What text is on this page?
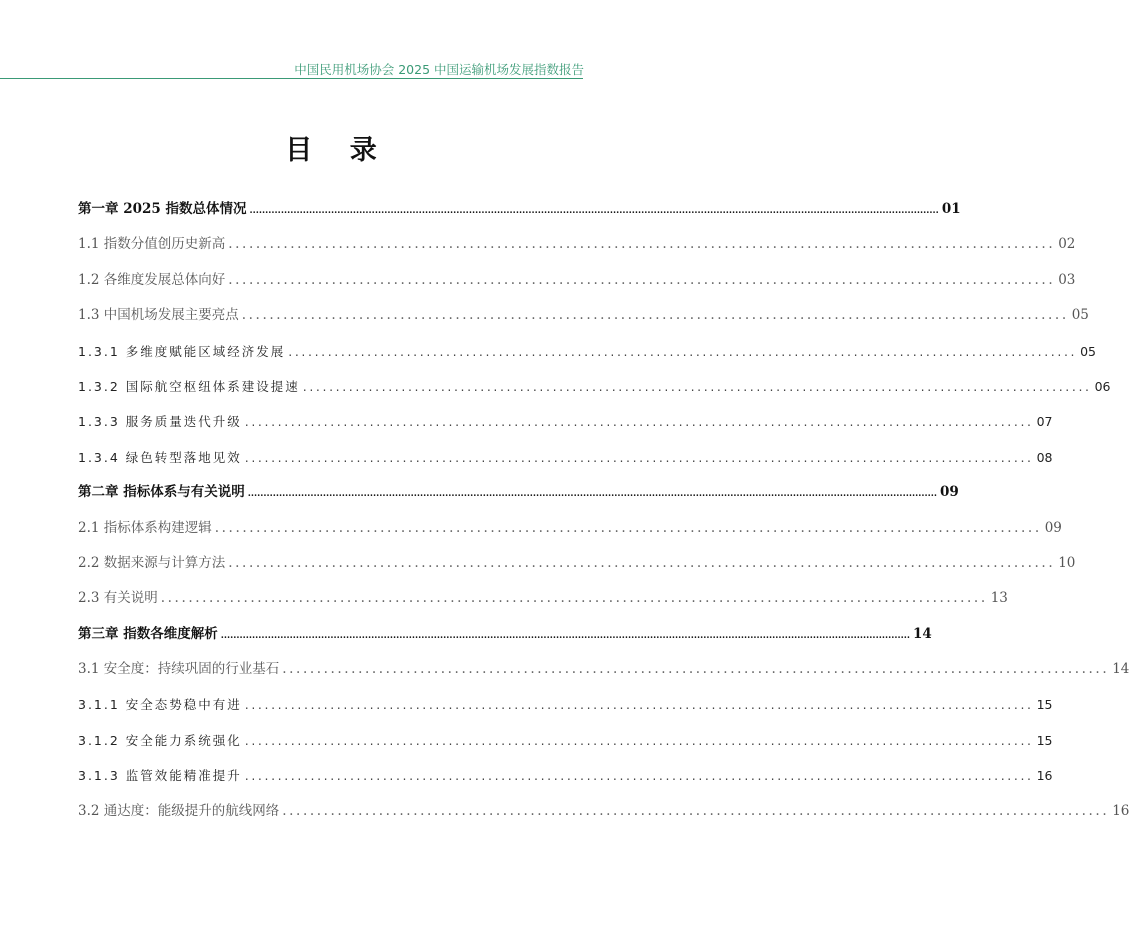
中国民用机场协会 2025 中国运输机场发展指数报告
目 录
第一章 2025 指数总体情况 ............................................................................................................................................................................................................................ 01
1.1 指数分值创历史新高 ........................................................................................................................ 02
1.2 各维度发展总体向好 ........................................................................................................................ 03
1.3 中国机场发展主要亮点 ........................................................................................................................ 05
1.3.1 多维度赋能区域经济发展 ........................................................................................................................ 05
1.3.2 国际航空枢纽体系建设提速 ........................................................................................................................ 06
1.3.3 服务质量迭代升级 ........................................................................................................................ 07
1.3.4 绿色转型落地见效 ........................................................................................................................ 08
第二章 指标体系与有关说明 ............................................................................................................................................................................................................................ 09
2.1 指标体系构建逻辑 ........................................................................................................................ 09
2.2 数据来源与计算方法 ........................................................................................................................ 10
2.3 有关说明 ........................................................................................................................ 13
第三章 指数各维度解析 ............................................................................................................................................................................................................................ 14
3.1 安全度：持续巩固的行业基石 ........................................................................................................................ 14
3.1.1 安全态势稳中有进 ........................................................................................................................ 15
3.1.2 安全能力系统强化 ........................................................................................................................ 15
3.1.3 监管效能精准提升 ........................................................................................................................ 16
3.2 通达度：能级提升的航线网络 ........................................................................................................................ 16
